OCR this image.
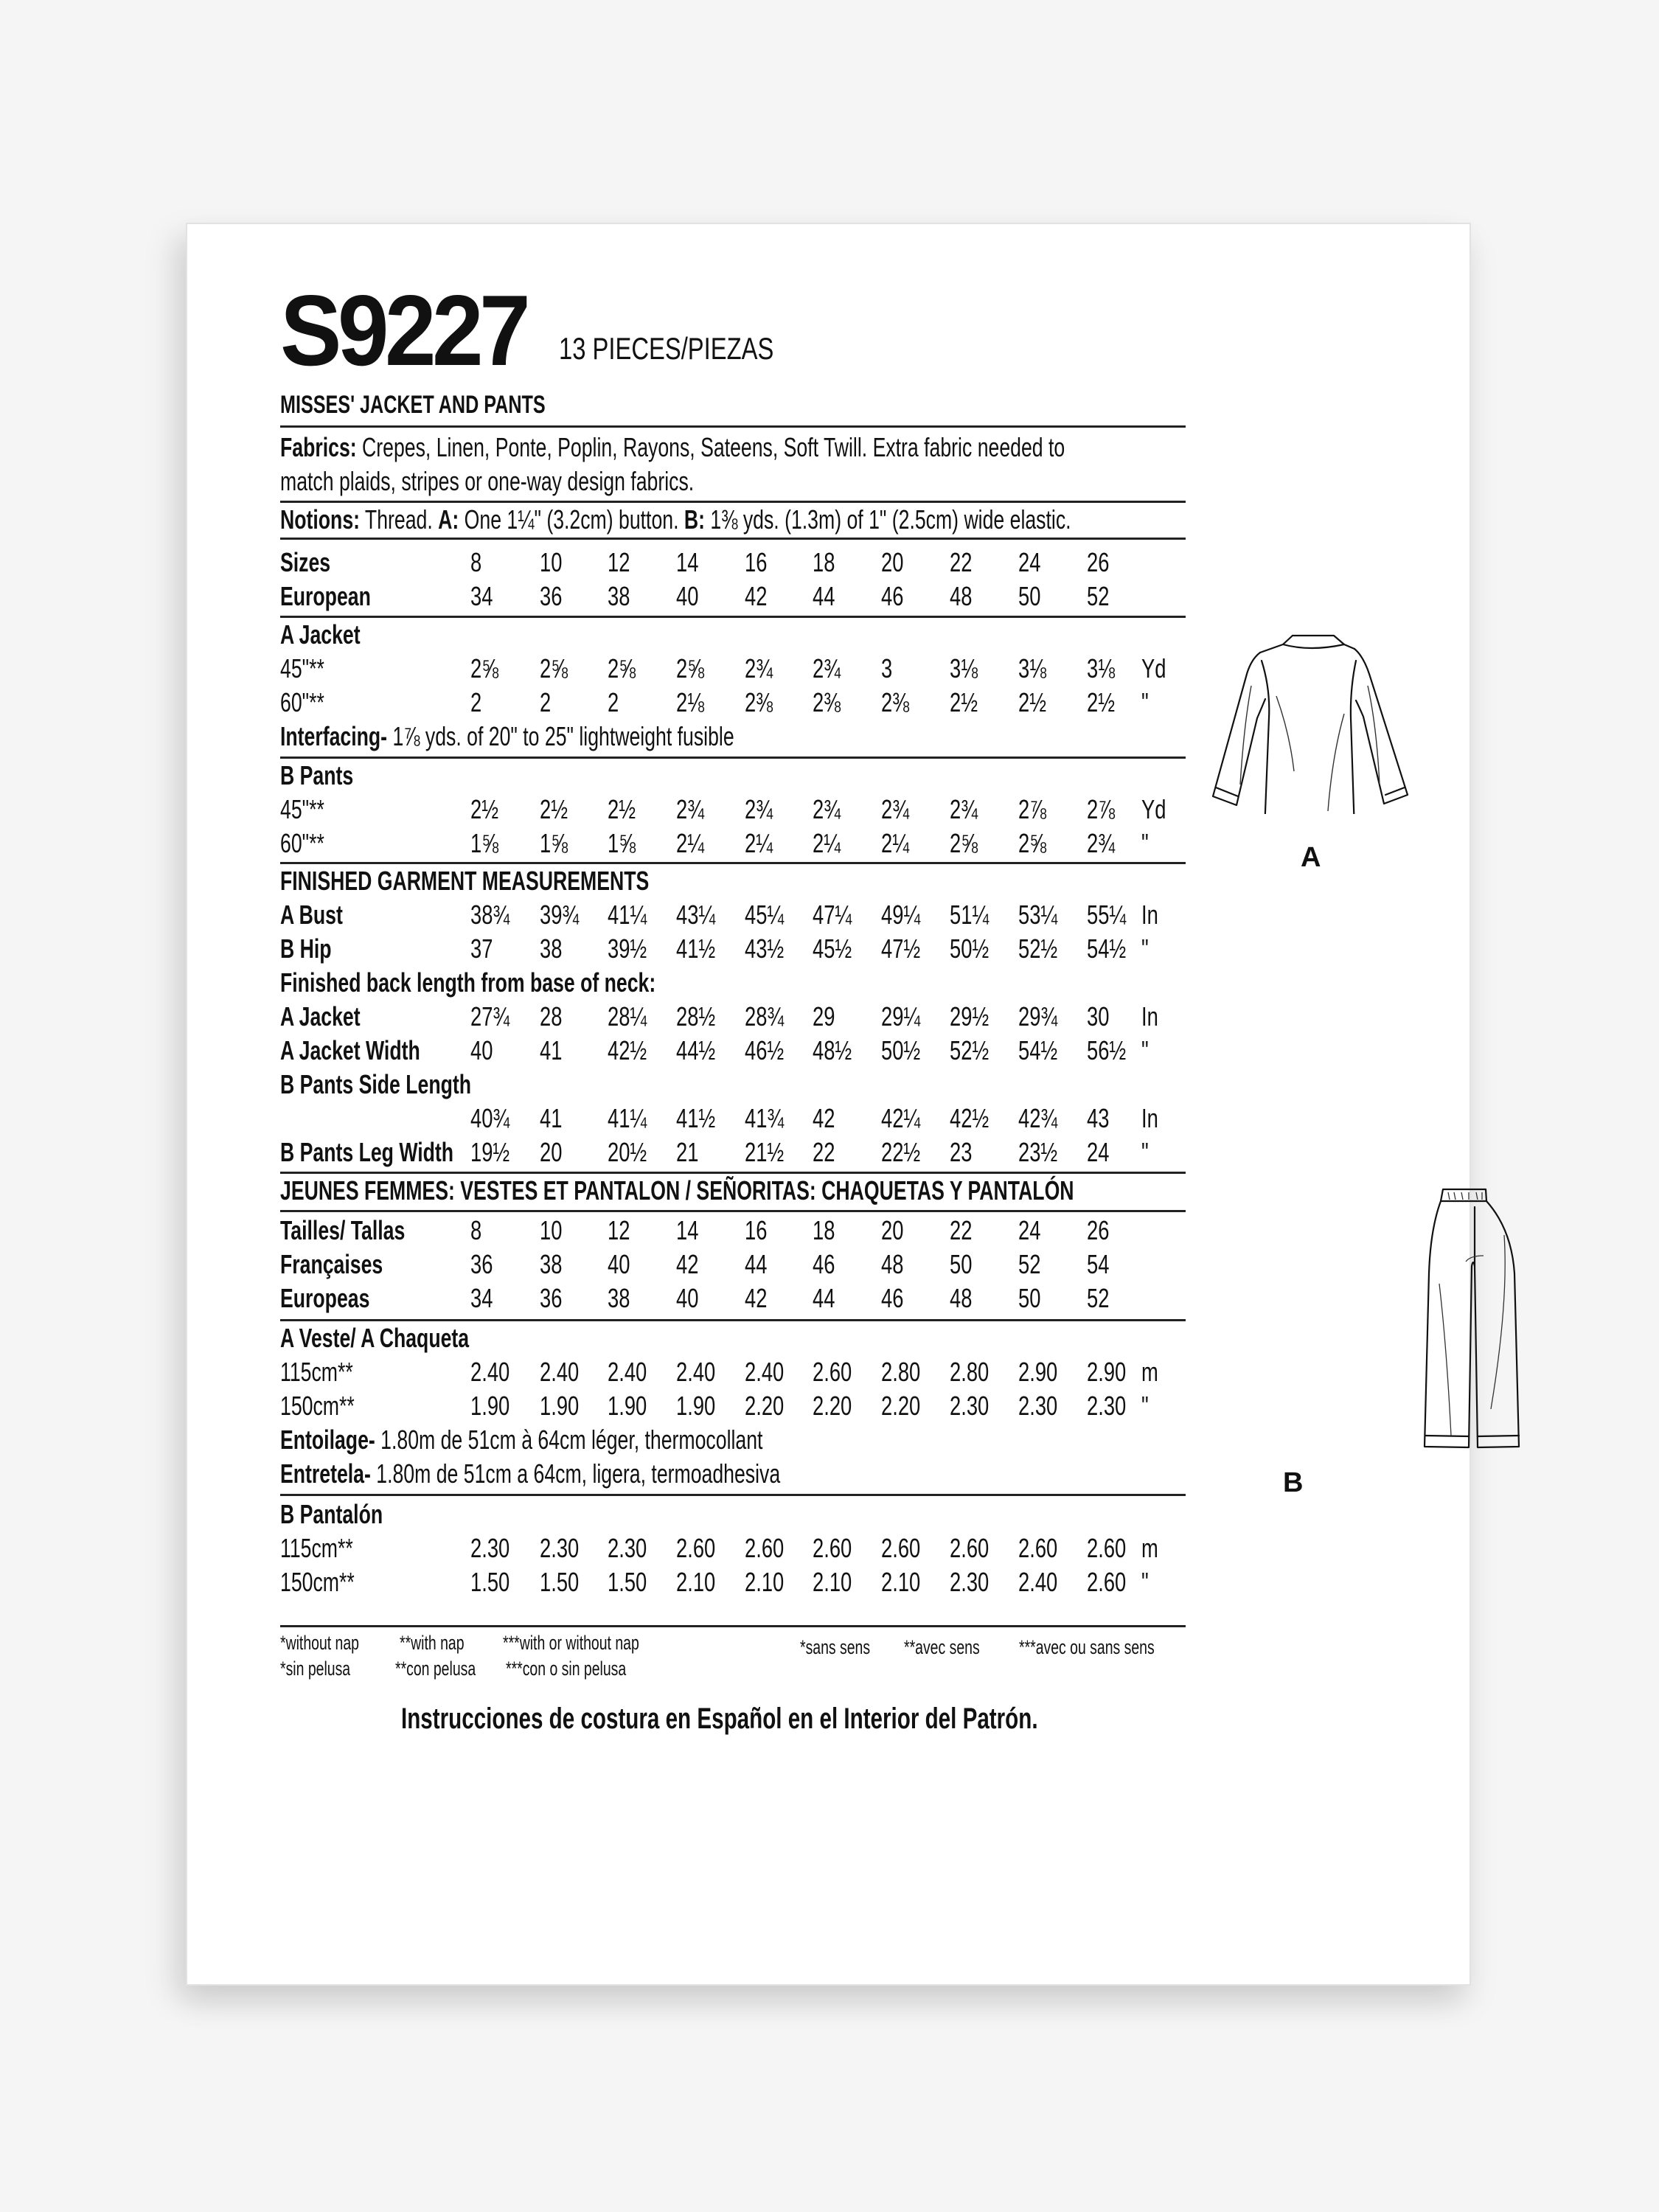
S9227 13 PIECES/PIEZAS
MISSES' JACKET AND PANTS
Fabrics: Crepes, Linen, Ponte, Poplin, Rayons, Sateens, Soft Twill. Extra fabric needed to
match plaids, stripes or one-way design fabrics.
Notions: Thread. A: One 1¼" (3.2cm) button. B: 1⅜ yds. (1.3m) of 1" (2.5cm) wide elastic.
Sizes	8 10 12 14 16 18 20 22 24 26
European	34 36 38 40 42 44 46 48 50 52
A Jacket
45"**	2⅝ 2⅝ 2⅝ 2⅝ 2¾ 2¾ 3 3⅛ 3⅛ 3⅛ Yd
60"**	2 2 2 2⅛ 2⅜ 2⅜ 2⅜ 2½ 2½ 2½ "
Interfacing- 1⅞ yds. of 20" to 25" lightweight fusible
B Pants
45"**	2½ 2½ 2½ 2¾ 2¾ 2¾ 2¾ 2¾ 2⅞ 2⅞ Yd
60"**	1⅝ 1⅝ 1⅝ 2¼ 2¼ 2¼ 2¼ 2⅝ 2⅝ 2¾ "
FINISHED GARMENT MEASUREMENTS
A Bust	38¾ 39¾ 41¼ 43¼ 45¼ 47¼ 49¼ 51¼ 53¼ 55¼ In
B Hip	37 38 39½ 41½ 43½ 45½ 47½ 50½ 52½ 54½ "
Finished back length from base of neck:
A Jacket	27¾ 28 28¼ 28½ 28¾ 29 29¼ 29½ 29¾ 30 In
A Jacket Width 40 41 42½ 44½ 46½ 48½ 50½ 52½ 54½ 56½ "
B Pants Side Length
40¾ 41 41¼ 41½ 41¾ 42 42¼ 42½ 42¾ 43 In
B Pants Leg Width 19½ 20 20½ 21 21½ 22 22½ 23 23½ 24 "
JEUNES FEMMES: VESTES ET PANTALON / SEÑORITAS: CHAQUETAS Y PANTALÓN
Tailles/ Tallas 8 10 12 14 16 18 20 22 24 26
Françaises	36 38 40 42 44 46 48 50 52 54
Europeas	34 36 38 40 42 44 46 48 50 52
A Veste/ A Chaqueta
115cm**	2.40 2.40 2.40 2.40 2.40 2.60 2.80 2.80 2.90 2.90 m
150cm**	1.90 1.90 1.90 1.90 2.20 2.20 2.20 2.30 2.30 2.30 "
Entoilage- 1.80m de 51cm à 64cm léger, thermocollant
Entretela- 1.80m de 51cm a 64cm, ligera, termoadhesiva
B Pantalón
115cm**	2.30 2.30 2.30 2.60 2.60 2.60 2.60 2.60 2.60 2.60 m
150cm**	1.50 1.50 1.50 2.10 2.10 2.10 2.10 2.30 2.40 2.60 "
*without nap **with nap ***with or without nap
*sin pelusa **con pelusa ***con o sin pelusa
*sans sens **avec sens ***avec ou sans sens
Instrucciones de costura en Español en el Interior del Patrón.
A
B
